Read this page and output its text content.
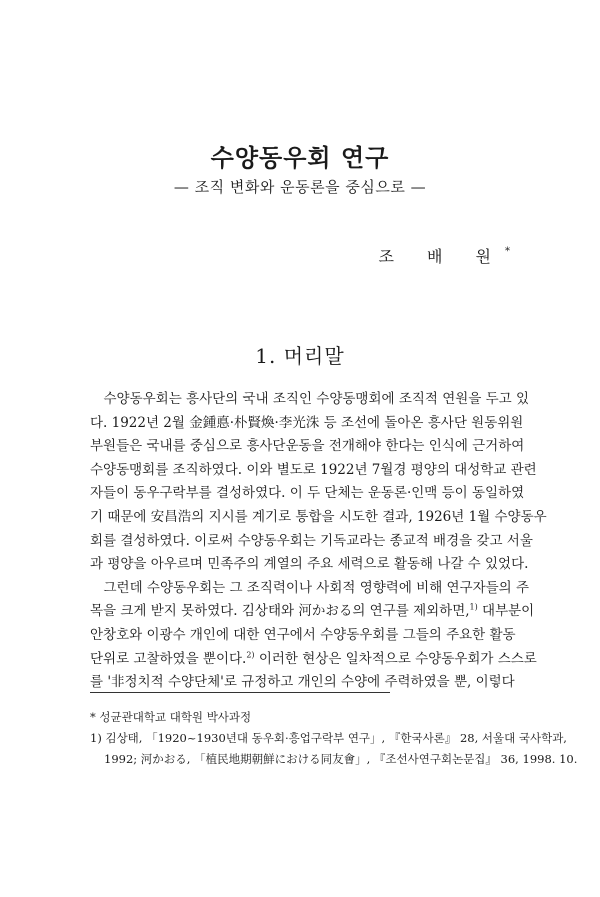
수양동우회 연구
— 조직 변화와 운동론을 중심으로 —
조 배 원*
1. 머리말
　수양동우회는 흥사단의 국내 조직인 수양동맹회에 조직적 연원을 두고 있
다. 1922년 2월 金鍾悳·朴賢煥·李光洙 등 조선에 돌아온 흥사단 원동위원
부원들은 국내를 중심으로 흥사단운동을 전개해야 한다는 인식에 근거하여
수양동맹회를 조직하였다. 이와 별도로 1922년 7월경 평양의 대성학교 관련
자들이 동우구락부를 결성하였다. 이 두 단체는 운동론·인맥 등이 동일하였
기 때문에 安昌浩의 지시를 계기로 통합을 시도한 결과, 1926년 1월 수양동우
회를 결성하였다. 이로써 수양동우회는 기독교라는 종교적 배경을 갖고 서울
과 평양을 아우르며 민족주의 계열의 주요 세력으로 활동해 나갈 수 있었다.
　그런데 수양동우회는 그 조직력이나 사회적 영향력에 비해 연구자들의 주
목을 크게 받지 못하였다. 김상태와 河かおる의 연구를 제외하면,$^{1)}$ 대부분이
안창호와 이광수 개인에 대한 연구에서 수양동우회를 그들의 주요한 활동
단위로 고찰하였을 뿐이다.$^{2)}$ 이러한 현상은 일차적으로 수양동우회가 스스로
를 '非정치적 수양단체'로 규정하고 개인의 수양에 주력하였을 뿐, 이렇다
* 성균관대학교 대학원 박사과정
1) 김상태, 「1920~1930년대 동우회·흥업구락부 연구」, 『한국사론』 28, 서울대 국사학과,
1992; 河かおる, 「植民地期朝鮮における同友會」, 『조선사연구회논문집』 36, 1998. 10.
